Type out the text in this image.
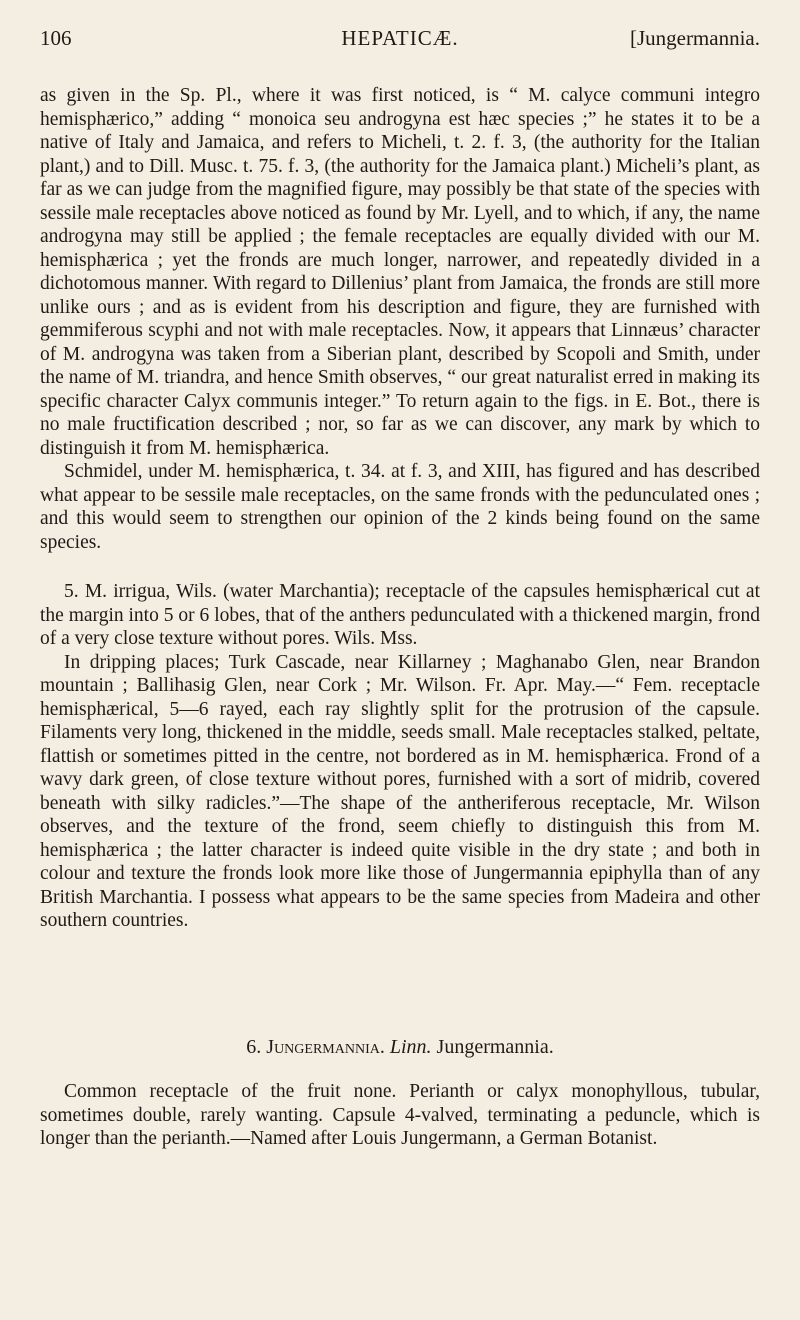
106	HEPATICÆ.	[Jungermannia.

as given in the Sp. Pl., where it was first noticed, is “ M. calyce communi integro hemisphærico,” adding “ monoica seu androgyna est hæc species ;” he states it to be a native of Italy and Jamaica, and refers to Micheli, t. 2. f. 3, (the authority for the Italian plant,) and to Dill. Musc. t. 75. f. 3, (the authority for the Jamaica plant.) Micheli’s plant, as far as we can judge from the magnified figure, may possibly be that state of the species with sessile male receptacles above noticed as found by Mr. Lyell, and to which, if any, the name androgyna may still be applied ; the female receptacles are equally divided with our M. hemisphærica ; yet the fronds are much longer, narrower, and repeatedly divided in a dichotomous manner. With regard to Dillenius’ plant from Jamaica, the fronds are still more unlike ours ; and as is evident from his description and figure, they are furnished with gemmiferous scyphi and not with male receptacles. Now, it appears that Linnæus’ character of M. androgyna was taken from a Siberian plant, described by Scopoli and Smith, under the name of M. triandra, and hence Smith observes, “ our great naturalist erred in making its specific character Calyx communis integer.” To return again to the figs. in E. Bot., there is no male fructification described ; nor, so far as we can discover, any mark by which to distinguish it from M. hemisphærica.

Schmidel, under M. hemisphærica, t. 34. at f. 3, and XIII, has figured and has described what appear to be sessile male receptacles, on the same fronds with the pedunculated ones ; and this would seem to strengthen our opinion of the 2 kinds being found on the same species.

5. M. irrigua, Wils. (water Marchantia); receptacle of the capsules hemisphærical cut at the margin into 5 or 6 lobes, that of the anthers pedunculated with a thickened margin, frond of a very close texture without pores. Wils. Mss.

In dripping places; Turk Cascade, near Killarney ; Maghanabo Glen, near Brandon mountain ; Ballihasig Glen, near Cork ; Mr. Wilson. Fr. Apr. May.—“ Fem. receptacle hemisphærical, 5—6 rayed, each ray slightly split for the protrusion of the capsule. Filaments very long, thickened in the middle, seeds small. Male receptacles stalked, peltate, flattish or sometimes pitted in the centre, not bordered as in M. hemisphærica. Frond of a wavy dark green, of close texture without pores, furnished with a sort of midrib, covered beneath with silky radicles.”—The shape of the antheriferous receptacle, Mr. Wilson observes, and the texture of the frond, seem chiefly to distinguish this from M. hemisphærica ; the latter character is indeed quite visible in the dry state ; and both in colour and texture the fronds look more like those of Jungermannia epiphylla than of any British Marchantia. I possess what appears to be the same species from Madeira and other southern countries.

6. Jungermannia. Linn. Jungermannia.

Common receptacle of the fruit none. Perianth or calyx monophyllous, tubular, sometimes double, rarely wanting. Capsule 4-valved, terminating a peduncle, which is longer than the perianth.—Named after Louis Jungermann, a German Botanist.
